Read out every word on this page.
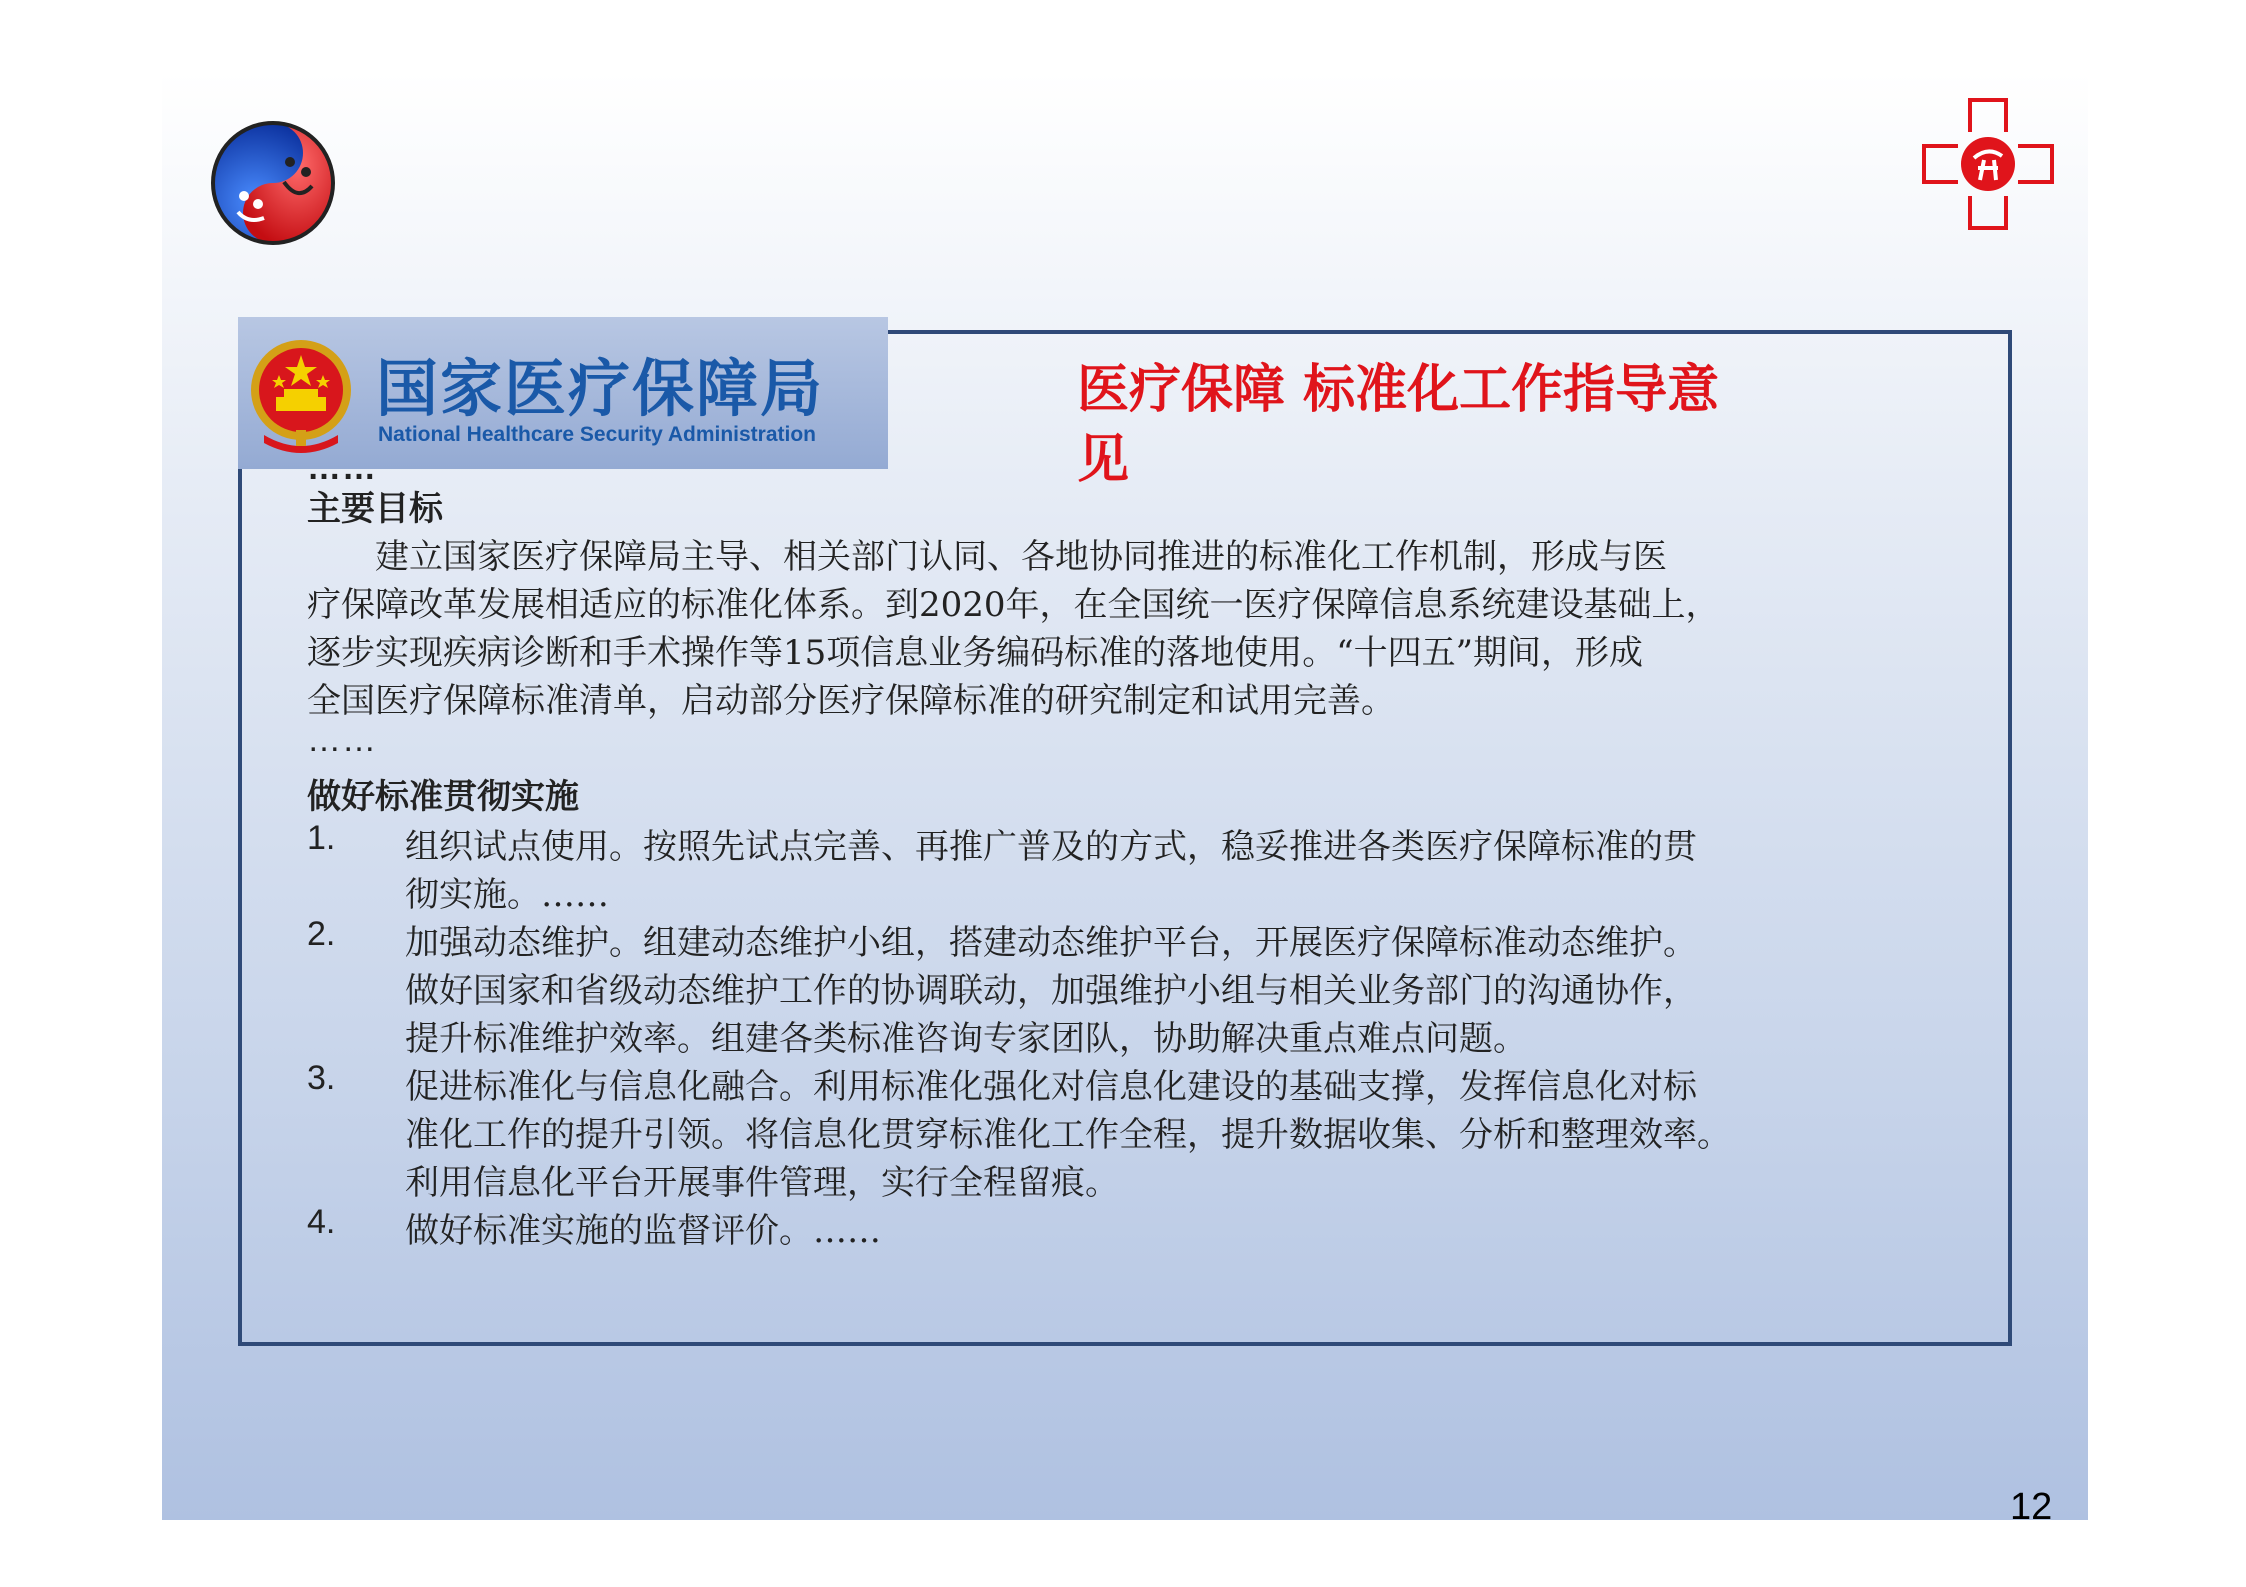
国家医疗保障局
National Healthcare Security Administration
医疗保障 标准化工作指导意
见
……
主要目标
　　建立国家医疗保障局主导、相关部门认同、各地协同推进的标准化工作机制，形成与医
疗保障改革发展相适应的标准化体系。到2020年，在全国统一医疗保障信息系统建设基础上，
逐步实现疾病诊断和手术操作等15项信息业务编码标准的落地使用。“十四五”期间，形成
全国医疗保障标准清单，启动部分医疗保障标准的研究制定和试用完善。
……
做好标准贯彻实施
1. 组织试点使用。按照先试点完善、再推广普及的方式，稳妥推进各类医疗保障标准的贯
彻实施。……
2. 加强动态维护。组建动态维护小组，搭建动态维护平台，开展医疗保障标准动态维护。
做好国家和省级动态维护工作的协调联动，加强维护小组与相关业务部门的沟通协作，
提升标准维护效率。组建各类标准咨询专家团队，协助解决重点难点问题。
3. 促进标准化与信息化融合。利用标准化强化对信息化建设的基础支撑，发挥信息化对标
准化工作的提升引领。将信息化贯穿标准化工作全程，提升数据收集、分析和整理效率。
利用信息化平台开展事件管理，实行全程留痕。
4. 做好标准实施的监督评价。……
12
